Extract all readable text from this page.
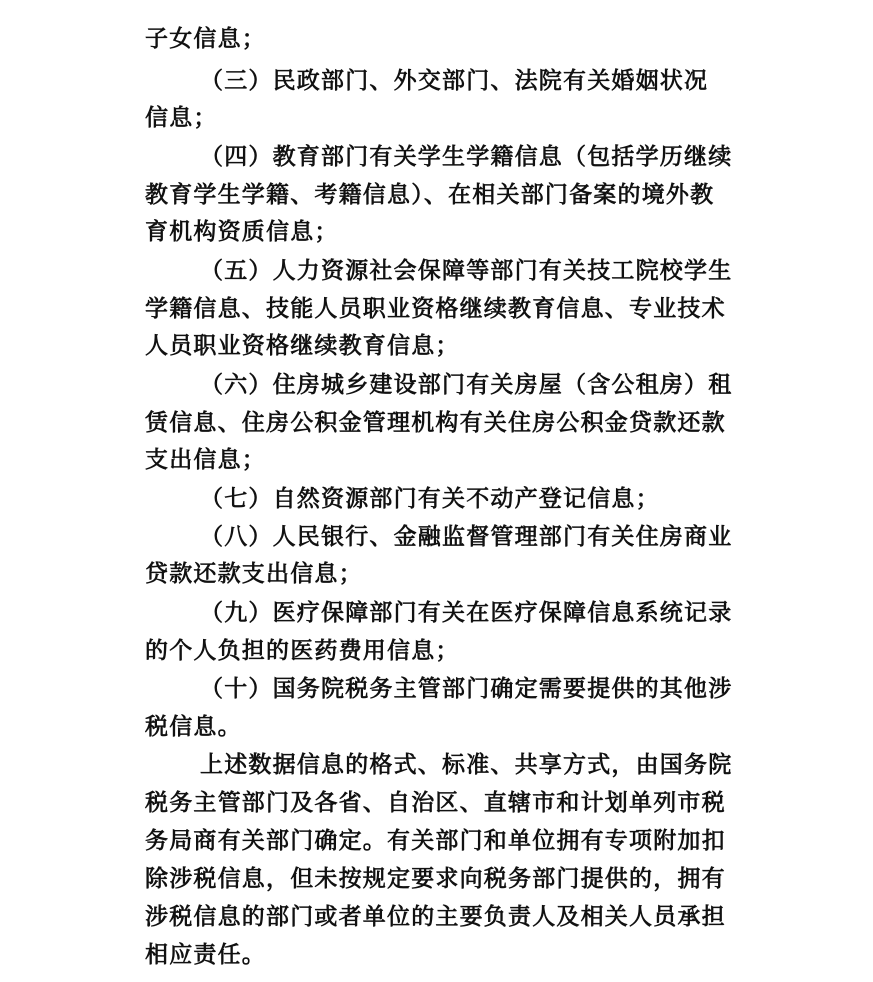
子女信息；
（三）民政部门、外交部门、法院有关婚姻状况
信息；
（四）教育部门有关学生学籍信息（包括学历继续
教育学生学籍、考籍信息）、在相关部门备案的境外教
育机构资质信息；
（五）人力资源社会保障等部门有关技工院校学生
学籍信息、技能人员职业资格继续教育信息、专业技术
人员职业资格继续教育信息；
（六）住房城乡建设部门有关房屋（含公租房）租
赁信息、住房公积金管理机构有关住房公积金贷款还款
支出信息；
（七）自然资源部门有关不动产登记信息；
（八）人民银行、金融监督管理部门有关住房商业
贷款还款支出信息；
（九）医疗保障部门有关在医疗保障信息系统记录
的个人负担的医药费用信息；
（十）国务院税务主管部门确定需要提供的其他涉
税信息。
上述数据信息的格式、标准、共享方式，由国务院
税务主管部门及各省、自治区、直辖市和计划单列市税
务局商有关部门确定。有关部门和单位拥有专项附加扣
除涉税信息，但未按规定要求向税务部门提供的，拥有
涉税信息的部门或者单位的主要负责人及相关人员承担
相应责任。
